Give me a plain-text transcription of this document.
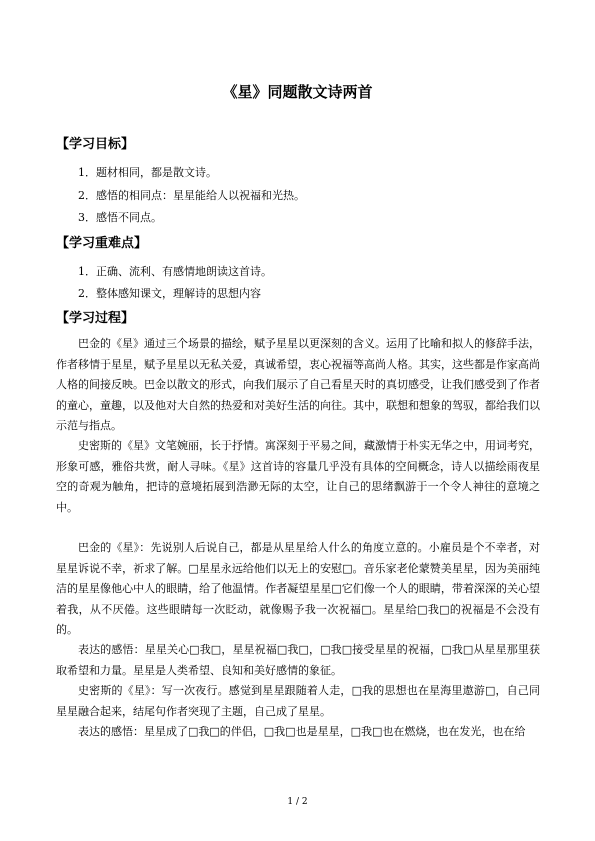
《星》同题散文诗两首
【学习目标】
1．题材相同，都是散文诗。
2．感悟的相同点：星星能给人以祝福和光热。
3．感悟不同点。
【学习重难点】
1．正确、流利、有感情地朗读这首诗。
2．整体感知课文，理解诗的思想内容
【学习过程】

巴金的《星》通过三个场景的描绘，赋予星星以更深刻的含义。运用了比喻和拟人的修辞手法，作者移情于星星，赋予星星以无私关爱，真诚希望，衷心祝福等高尚人格。其实，这些都是作家高尚人格的间接反映。巴金以散文的形式，向我们展示了自己看星天时的真切感受，让我们感受到了作者的童心，童趣，以及他对大自然的热爱和对美好生活的向往。其中，联想和想象的驾驭，都给我们以示范与指点。

史密斯的《星》文笔婉丽，长于抒情。寓深刻于平易之间，藏激情于朴实无华之中，用词考究，形象可感，雅俗共赏，耐人寻味。《星》这首诗的容量几乎没有具体的空间概念，诗人以描绘雨夜星空的奇观为触角，把诗的意境拓展到浩渺无际的太空，让自己的思绪飘游于一个令人神往的意境之中。

巴金的《星》：先说别人后说自己，都是从星星给人什么的角度立意的。小雇员是个不幸者，对星星诉说不幸，祈求了解。□星星永远给他们以无上的安慰□。音乐家老伦蒙赞美星星，因为美丽纯洁的星星像他心中人的眼睛，给了他温情。作者凝望星星□它们像一个人的眼睛，带着深深的关心望着我，从不厌倦。这些眼睛每一次眨动，就像赐予我一次祝福□。星星给□我□的祝福是不会没有的。

表达的感悟：星星关心□我□，星星祝福□我□，□我□接受星星的祝福，□我□从星星那里获取希望和力量。星星是人类希望、良知和美好感情的象征。

史密斯的《星》：写一次夜行。感觉到星星跟随着人走，□我的思想也在星海里遨游□，自己同星星融合起来，结尾句作者突现了主题，自己成了星星。

表达的感悟：星星成了□我□的伴侣，□我□也是星星，□我□也在燃烧，也在发光，也在给

1 / 2
